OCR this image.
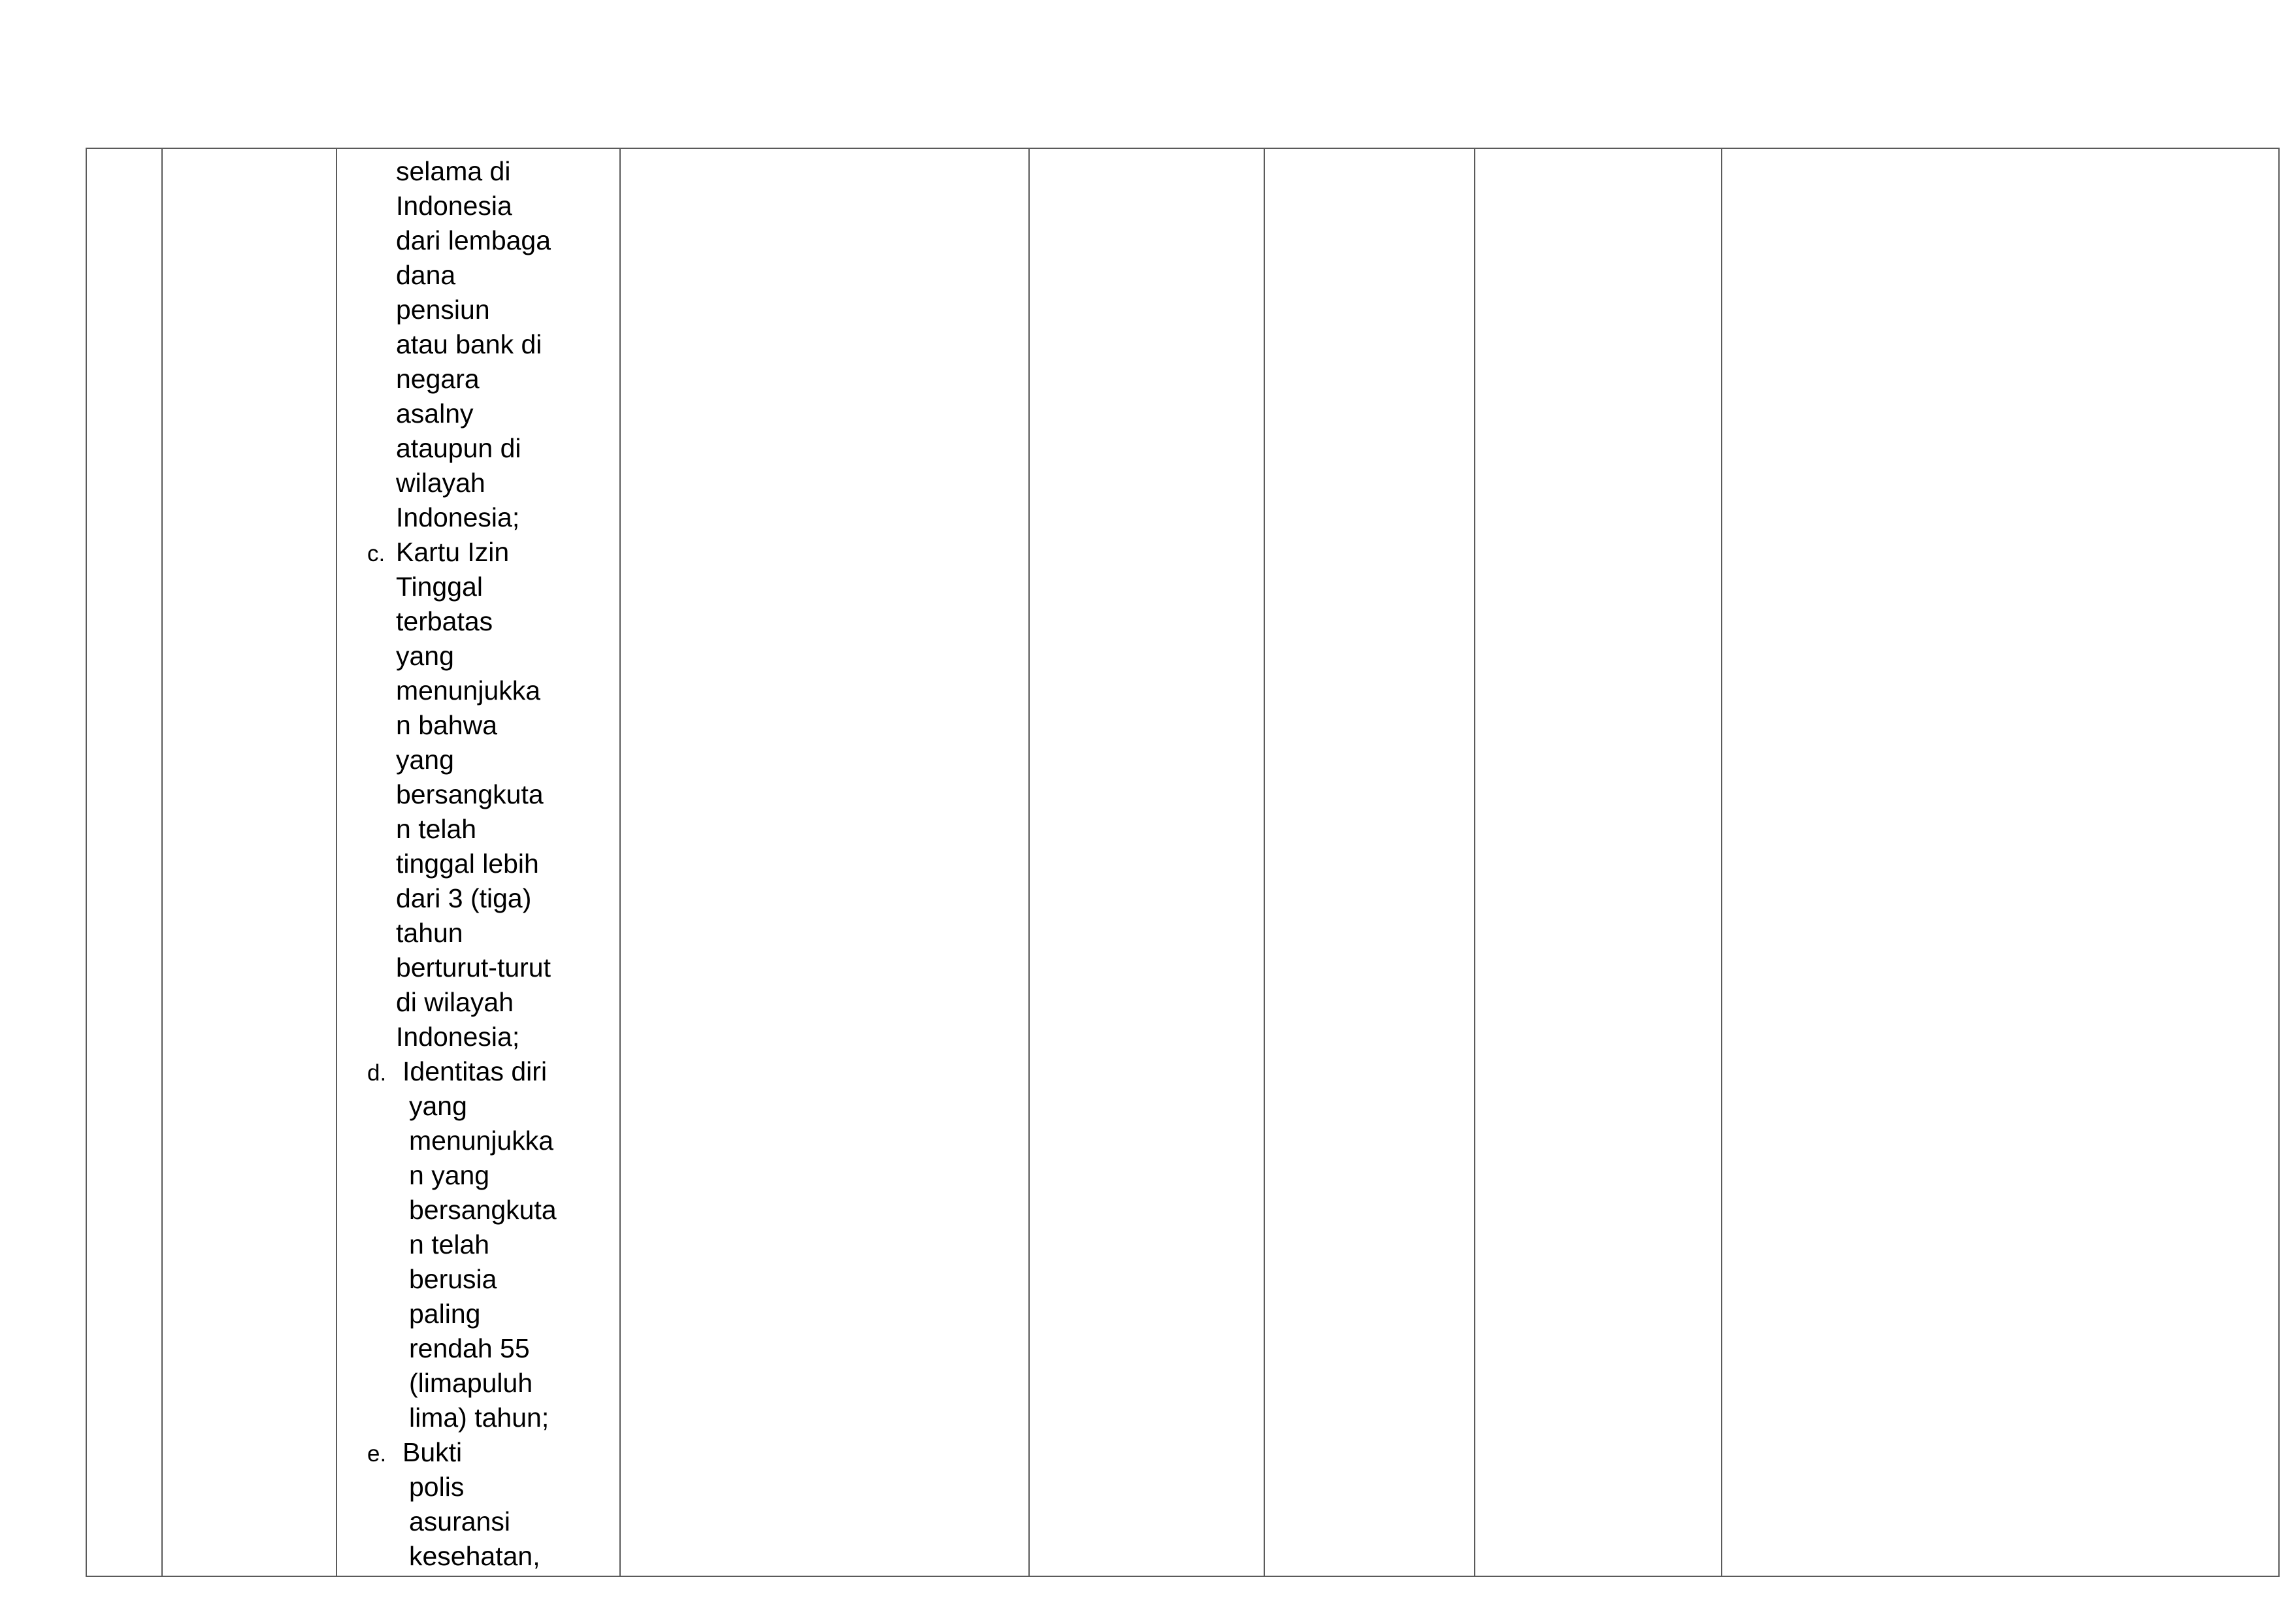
selama di
Indonesia
dari lembaga
dana
pensiun
atau bank di
negara
asalny
ataupun di
wilayah
Indonesia;
c. Kartu Izin
Tinggal
terbatas
yang
menunjukka
n bahwa
yang
bersangkuta
n telah
tinggal lebih
dari 3 (tiga)
tahun
berturut-turut
di wilayah
Indonesia;
d. Identitas diri
yang
menunjukka
n yang
bersangkuta
n telah
berusia
paling
rendah 55
(limapuluh
lima) tahun;
e. Bukti
polis
asuransi
kesehatan,
